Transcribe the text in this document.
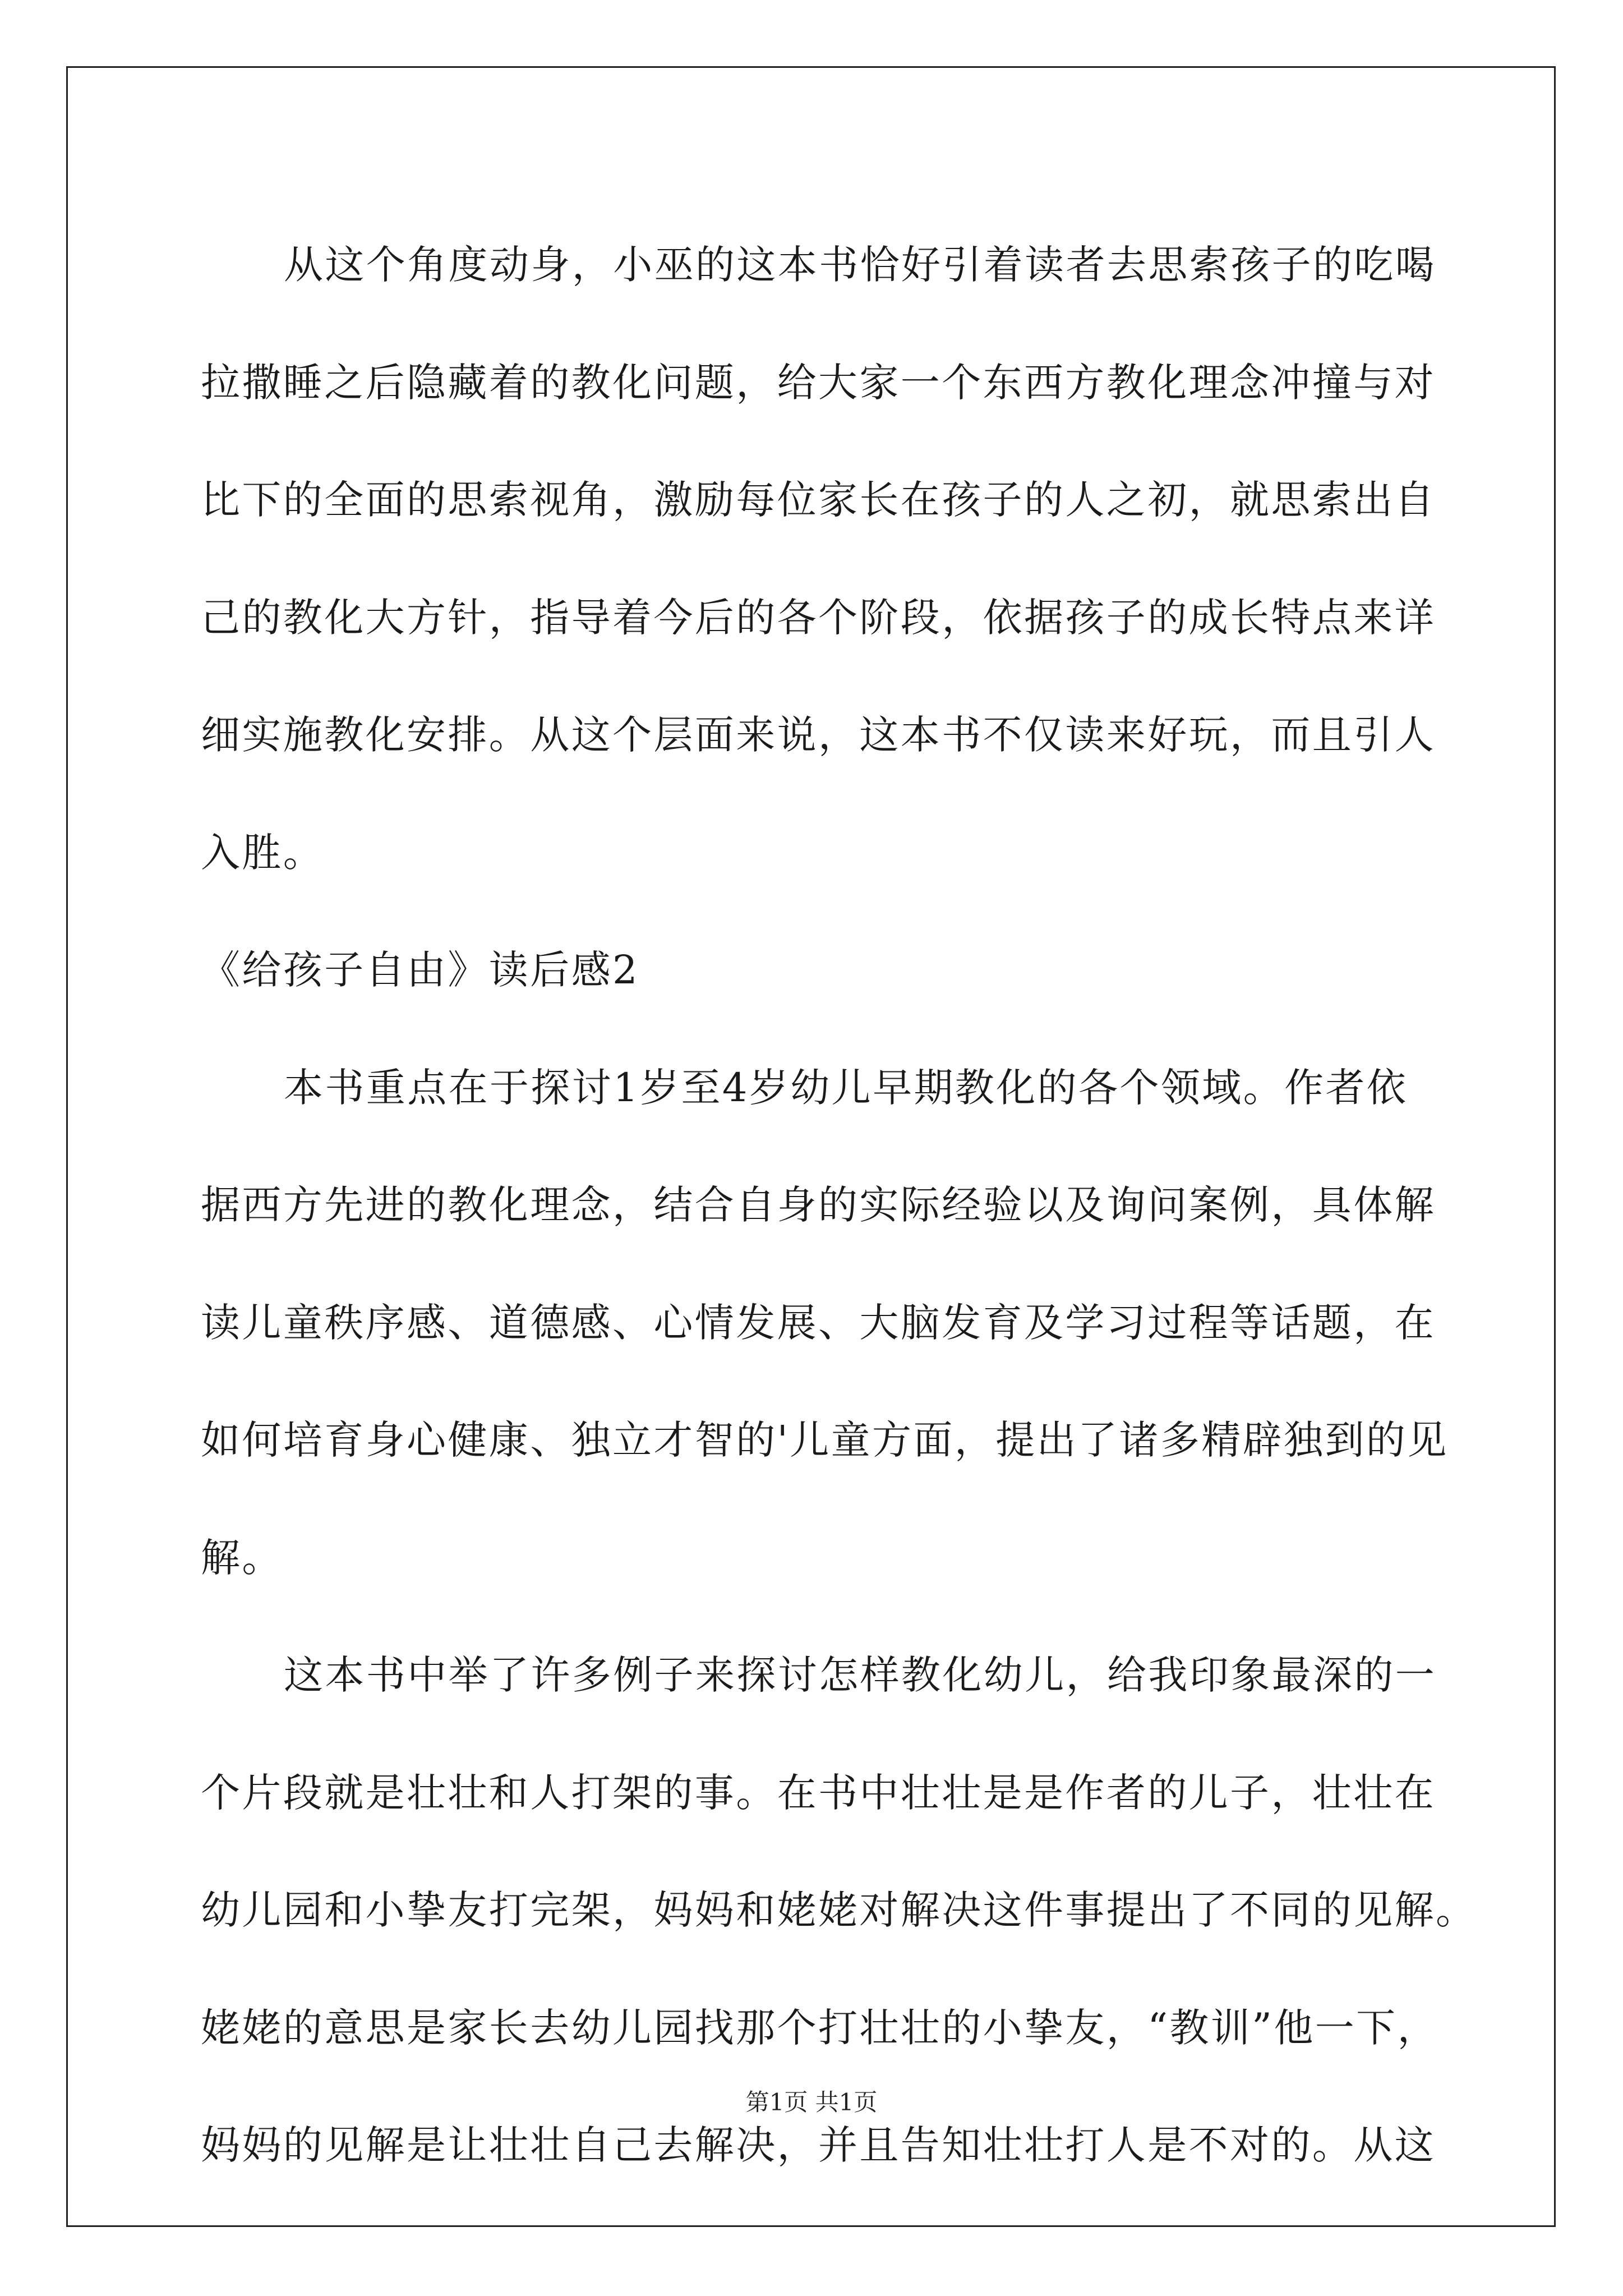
从这个角度动身，小巫的这本书恰好引着读者去思索孩子的吃喝
拉撒睡之后隐藏着的教化问题，给大家一个东西方教化理念冲撞与对
比下的全面的思索视角，激励每位家长在孩子的人之初，就思索出自
己的教化大方针，指导着今后的各个阶段，依据孩子的成长特点来详
细实施教化安排。从这个层面来说，这本书不仅读来好玩，而且引人
入胜。
《给孩子自由》读后感2
本书重点在于探讨1岁至4岁幼儿早期教化的各个领域。作者依
据西方先进的教化理念，结合自身的实际经验以及询问案例，具体解
读儿童秩序感、道德感、心情发展、大脑发育及学习过程等话题，在
如何培育身心健康、独立才智的'儿童方面，提出了诸多精辟独到的见
解。
这本书中举了许多例子来探讨怎样教化幼儿，给我印象最深的一
个片段就是壮壮和人打架的事。在书中壮壮是是作者的儿子，壮壮在
幼儿园和小挚友打完架，妈妈和姥姥对解决这件事提出了不同的见解。
姥姥的意思是家长去幼儿园找那个打壮壮的小挚友，“教训”他一下，
妈妈的见解是让壮壮自己去解决，并且告知壮壮打人是不对的。从这
第1页 共1页
